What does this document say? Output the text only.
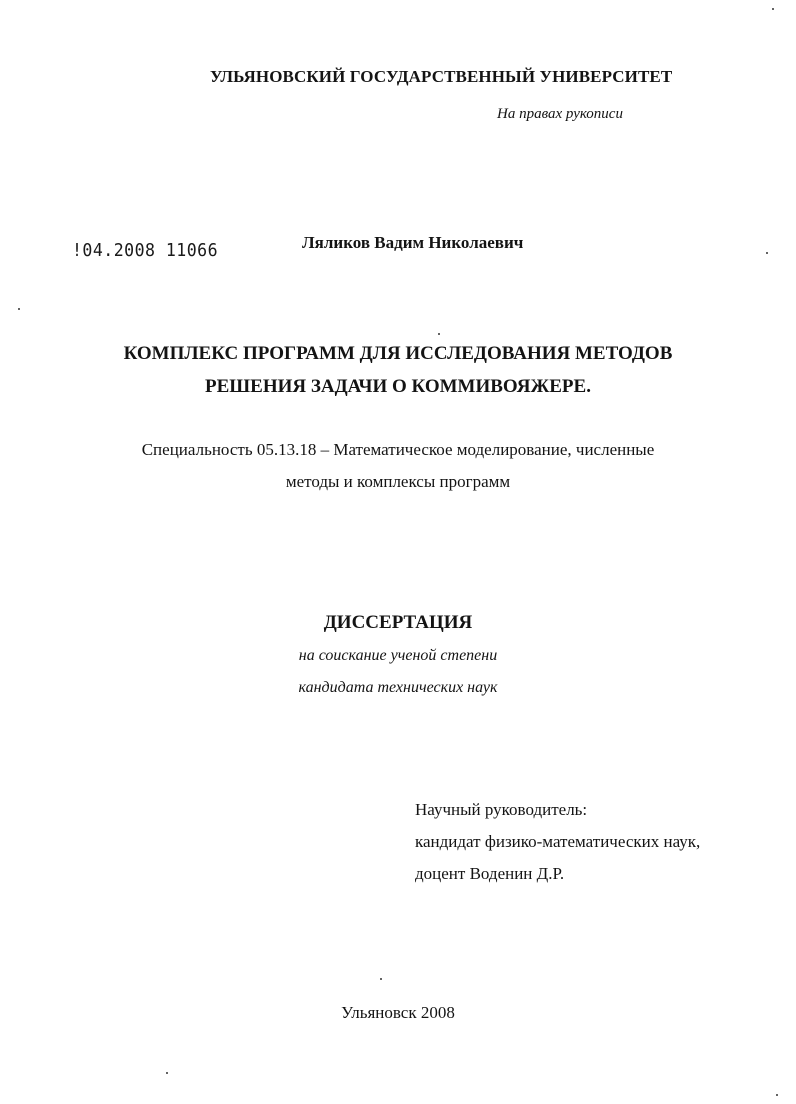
УЛЬЯНОВСКИЙ ГОСУДАРСТВЕННЫЙ УНИВЕРСИТЕТ
На правах рукописи
!04.2008 11066	Ляликов Вадим Николаевич
КОМПЛЕКС ПРОГРАММ ДЛЯ ИССЛЕДОВАНИЯ МЕТОДОВ
РЕШЕНИЯ ЗАДАЧИ О КОММИВОЯЖЕРЕ.
Специальность 05.13.18 – Математическое моделирование, численные
методы и комплексы программ
ДИССЕРТАЦИЯ
на соискание ученой степени
кандидата технических наук
Научный руководитель:
кандидат физико-математических наук,
доцент Воденин Д.Р.
Ульяновск 2008
